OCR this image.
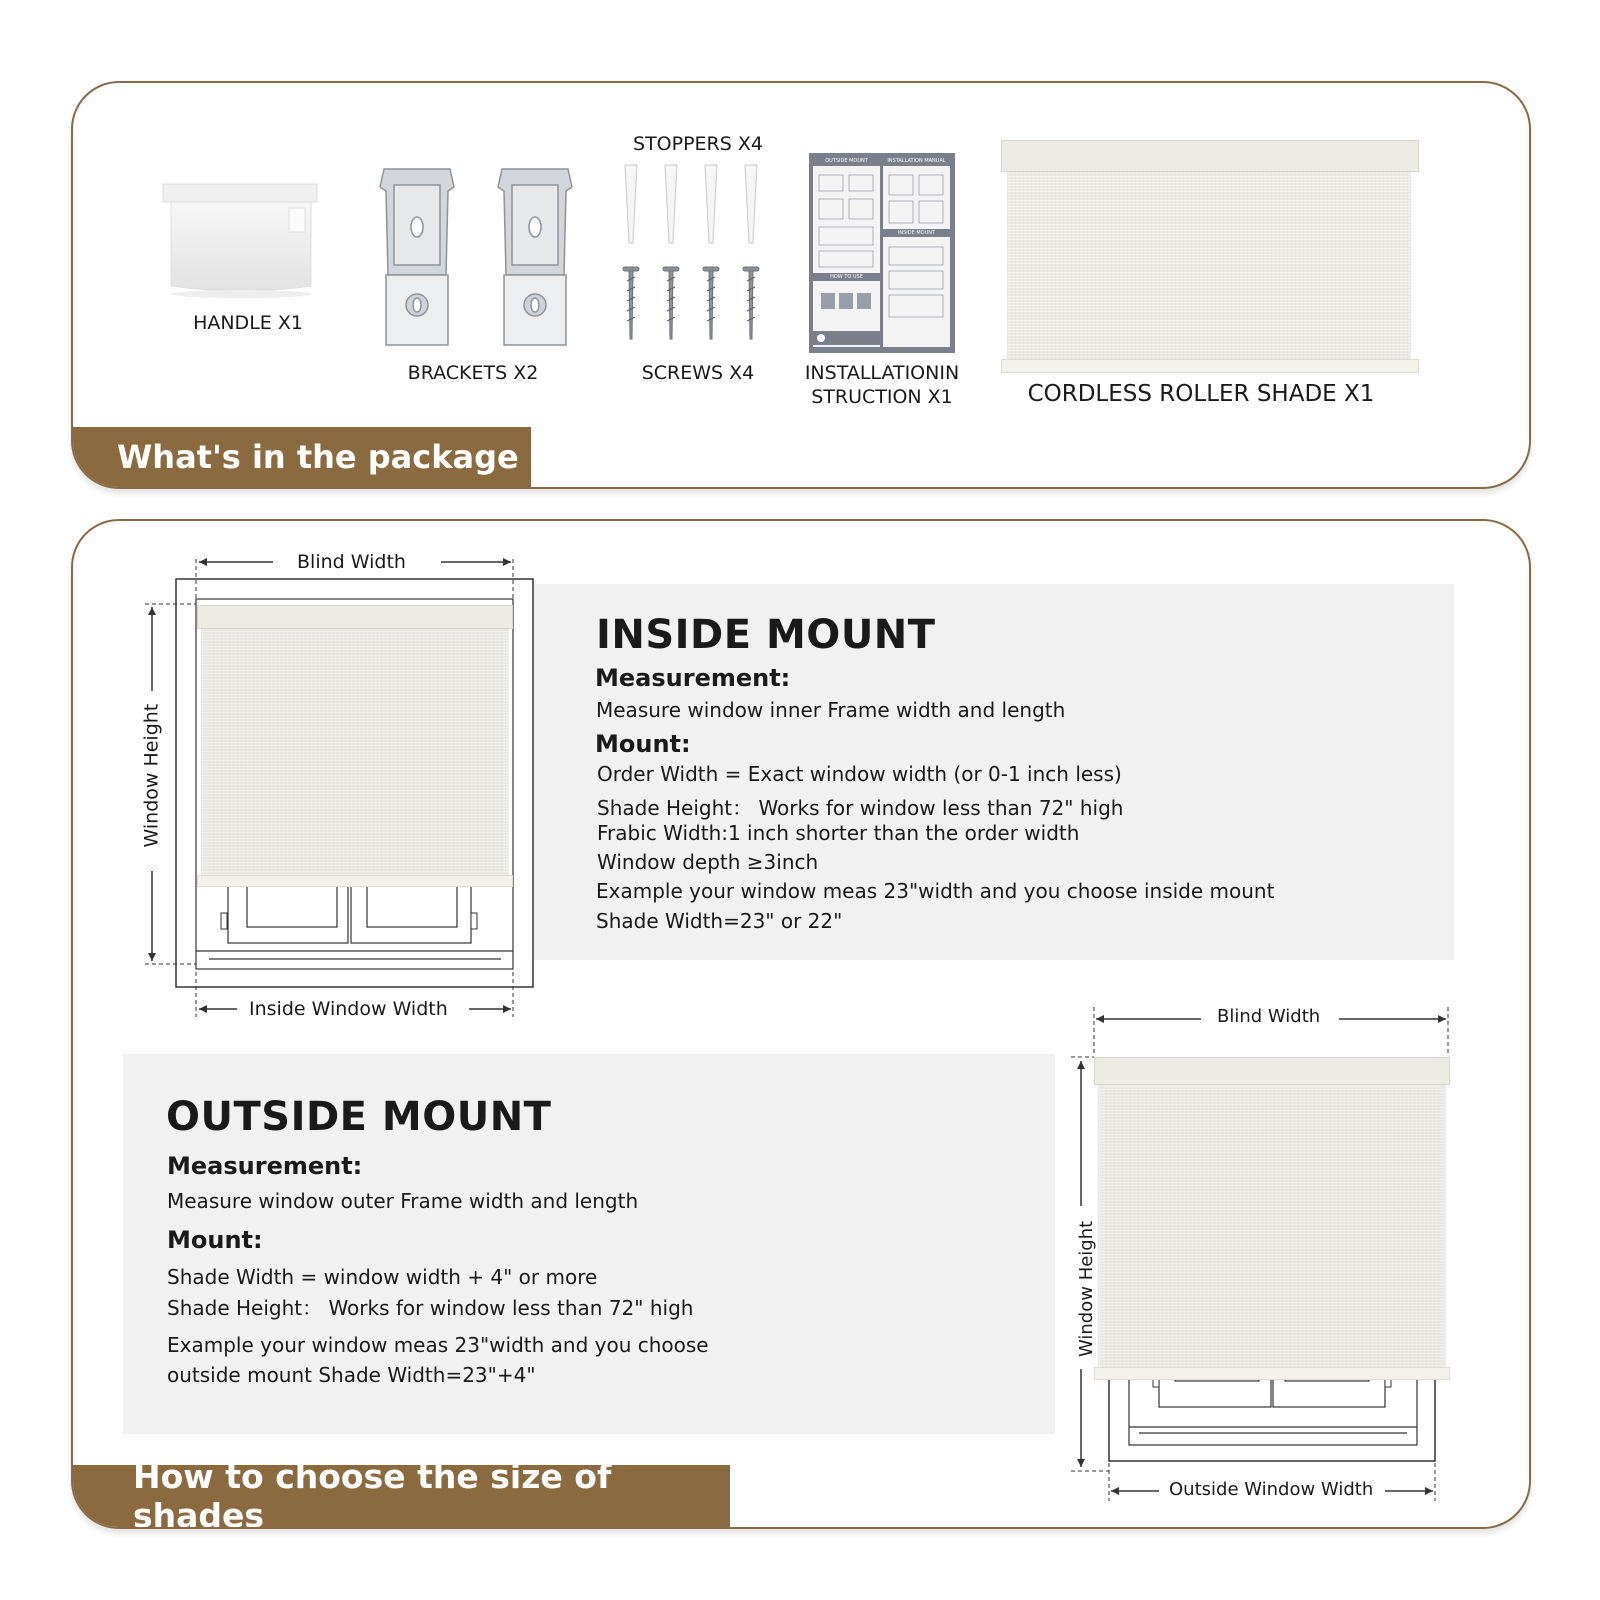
HANDLE X1
BRACKETS X2
STOPPERS X4
SCREWS X4
OUTSIDE MOUNT	INSTALLATION MANUAL
INSIDE MOUNT
HOW TO USE
INSTALLATIONIN
STRUCTION X1	CORDLESS ROLLER SHADE X1
What's in the package
INSIDE MOUNT
Measurement:
Measure window inner Frame width and length
Mount:
Order Width = Exact window width (or 0-1 inch less)
Shade Height： Works for window less than 72" high
Frabic Width:1 inch shorter than the order width
Window depth ≥3inch
Example your window meas 23"width and you choose inside mount
Shade Width=23" or 22"
Blind Width
Inside Window Width
Window Height
OUTSIDE MOUNT
Measurement:
Measure window outer Frame width and length
Mount:
Shade Width = window width + 4" or more
Shade Height： Works for window less than 72" high
Example your window meas 23"width and you choose
outside mount Shade Width=23"+4"
Blind Width
Outside Window Width
Window Height
How to choose the size of shades
